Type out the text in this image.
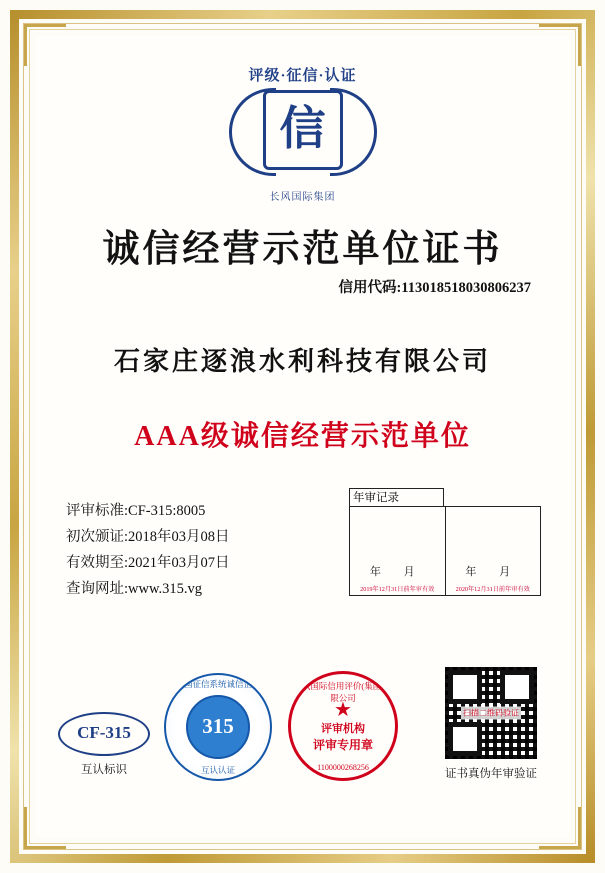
评级·征信·认证
信
长风国际集团
诚信经营示范单位证书
信用代码:113018518030806237
石家庄逐浪水利科技有限公司
AAA级诚信经营示范单位
评审标准:CF-315:8005
初次颁证:2018年03月08日
有效期至:2021年03月07日
查询网址:www.315.vg
年审记录
年 月
2019年12月31日前年审有效
年 月
2020年12月31日前年审有效
CF-315
互认标识
全国征信系统诚信企业
315
互认认证
长风国际信用评价(集团)有限公司
★
评审机构
评审专用章
1100000268256
扫描二维码验证
证书真伪年审验证
